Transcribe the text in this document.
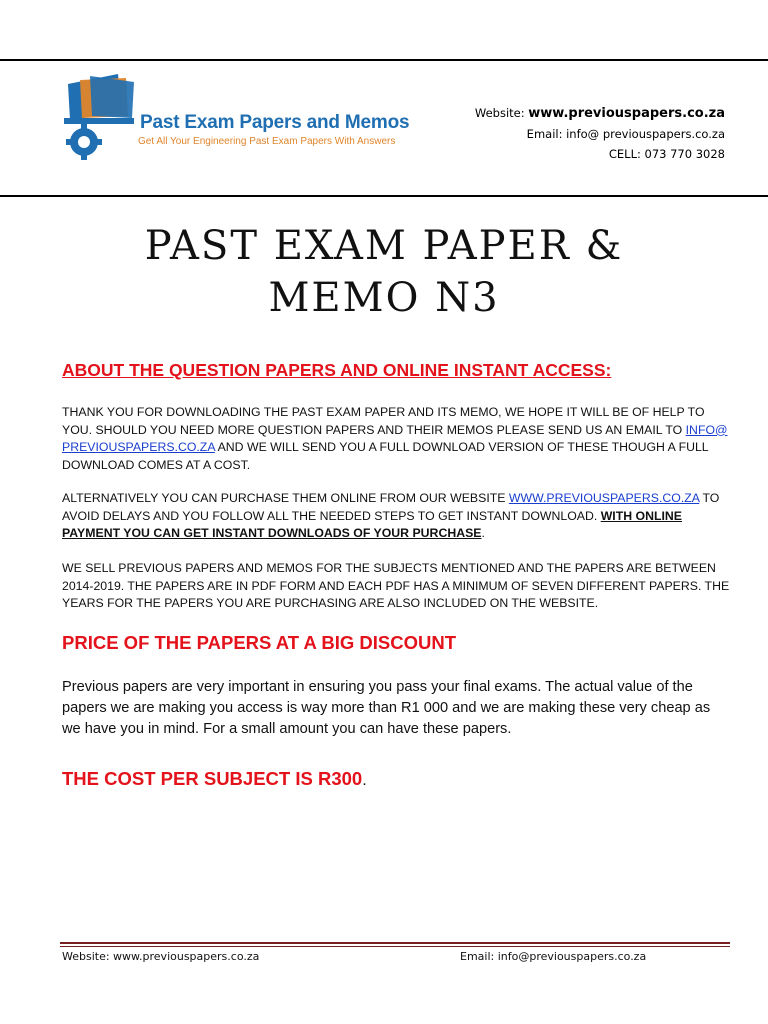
Past Exam Papers and Memos
Get All Your Engineering Past Exam Papers With Answers
Website: www.previouspapers.co.za
Email: info@ previouspapers.co.za
CELL: 073 770 3028
PAST EXAM PAPER &
MEMO N3
ABOUT THE QUESTION PAPERS AND ONLINE INSTANT ACCESS:
THANK YOU FOR DOWNLOADING THE PAST EXAM PAPER AND ITS MEMO, WE HOPE IT WILL BE OF HELP TO YOU. SHOULD YOU NEED MORE QUESTION PAPERS AND THEIR MEMOS PLEASE SEND US AN EMAIL TO INFO@ PREVIOUSPAPERS.CO.ZA AND WE WILL SEND YOU A FULL DOWNLOAD VERSION OF THESE THOUGH A FULL DOWNLOAD COMES AT A COST.
ALTERNATIVELY YOU CAN PURCHASE THEM ONLINE FROM OUR WEBSITE WWW.PREVIOUSPAPERS.CO.ZA TO AVOID DELAYS AND YOU FOLLOW ALL THE NEEDED STEPS TO GET INSTANT DOWNLOAD. WITH ONLINE PAYMENT YOU CAN GET INSTANT DOWNLOADS OF YOUR PURCHASE.
WE SELL PREVIOUS PAPERS AND MEMOS FOR THE SUBJECTS MENTIONED AND THE PAPERS ARE BETWEEN 2014-2019. THE PAPERS ARE IN PDF FORM AND EACH PDF HAS A MINIMUM OF SEVEN DIFFERENT PAPERS. THE YEARS FOR THE PAPERS YOU ARE PURCHASING ARE ALSO INCLUDED ON THE WEBSITE.
PRICE OF THE PAPERS AT A BIG DISCOUNT
Previous papers are very important in ensuring you pass your final exams. The actual value of the papers we are making you access is way more than R1 000 and we are making these very cheap as we have you in mind. For a small amount you can have these papers.
THE COST PER SUBJECT IS R300.
Website: www.previouspapers.co.za	Email: info@previouspapers.co.za
